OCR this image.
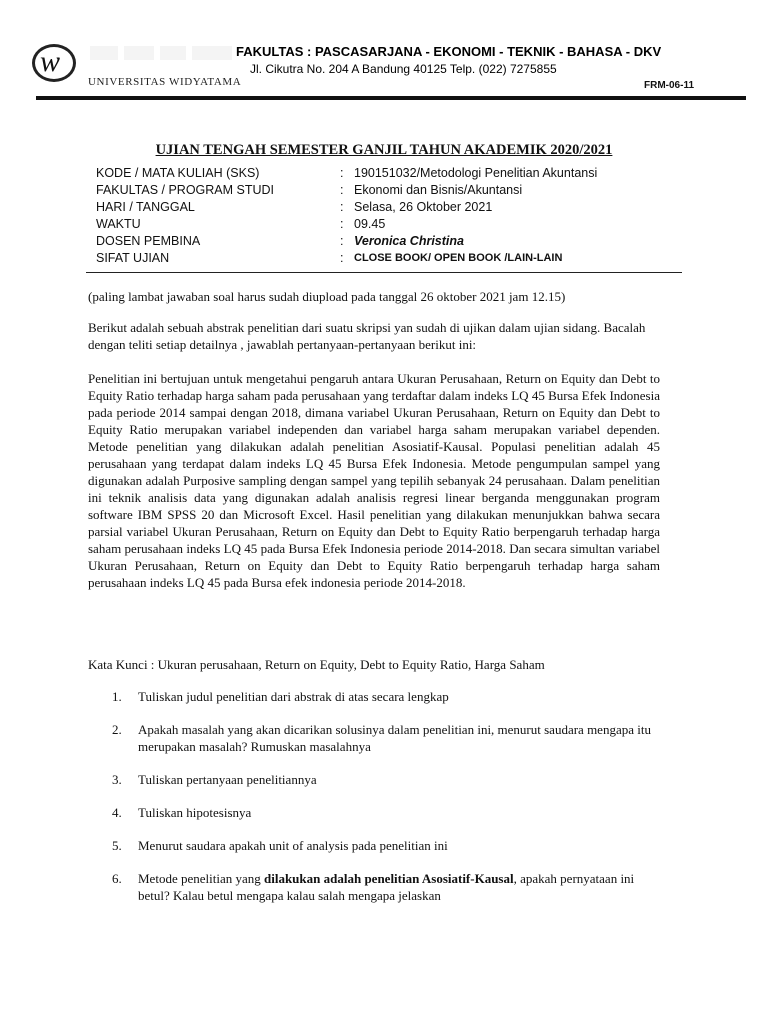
w
UNIVERSITAS WIDYATAMA
FAKULTAS : PASCASARJANA - EKONOMI - TEKNIK - BAHASA - DKV
Jl. Cikutra No. 204 A Bandung 40125 Telp. (022) 7275855
FRM-06-11
UJIAN TENGAH SEMESTER GANJIL TAHUN AKADEMIK 2020/2021
KODE / MATA KULIAH (SKS)	: 190151032/Metodologi Penelitian Akuntansi
FAKULTAS / PROGRAM STUDI	: Ekonomi dan Bisnis/Akuntansi
HARI / TANGGAL	: Selasa, 26 Oktober 2021
WAKTU	: 09.45
DOSEN PEMBINA	: Veronica Christina
SIFAT UJIAN	: CLOSE BOOK/ OPEN BOOK /LAIN-LAIN

(paling lambat jawaban soal harus sudah diupload pada tanggal 26 oktober 2021 jam 12.15)

Berikut adalah sebuah abstrak penelitian dari suatu skripsi yan sudah di ujikan dalam ujian sidang. Bacalah dengan teliti setiap detailnya , jawablah pertanyaan-pertanyaan berikut ini:

Penelitian ini bertujuan untuk mengetahui pengaruh antara Ukuran Perusahaan, Return on Equity dan Debt to Equity Ratio terhadap harga saham pada perusahaan yang terdaftar dalam indeks LQ 45 Bursa Efek Indonesia pada periode 2014 sampai dengan 2018, dimana variabel Ukuran Perusahaan, Return on Equity dan Debt to Equity Ratio merupakan variabel independen dan variabel harga saham merupakan variabel dependen. Metode penelitian yang dilakukan adalah penelitian Asosiatif-Kausal. Populasi penelitian adalah 45 perusahaan yang terdapat dalam indeks LQ 45 Bursa Efek Indonesia. Metode pengumpulan sampel yang digunakan adalah Purposive sampling dengan sampel yang tepilih sebanyak 24 perusahaan. Dalam penelitian ini teknik analisis data yang digunakan adalah analisis regresi linear berganda menggunakan program software IBM SPSS 20 dan Microsoft Excel. Hasil penelitian yang dilakukan menunjukkan bahwa secara parsial variabel Ukuran Perusahaan, Return on Equity dan Debt to Equity Ratio berpengaruh terhadap harga saham perusahaan indeks LQ 45 pada Bursa Efek Indonesia periode 2014-2018. Dan secara simultan variabel Ukuran Perusahaan, Return on Equity dan Debt to Equity Ratio berpengaruh terhadap harga saham perusahaan indeks LQ 45 pada Bursa efek indonesia periode 2014-2018.

Kata Kunci : Ukuran perusahaan, Return on Equity, Debt to Equity Ratio, Harga Saham

1. Tuliskan judul penelitian dari abstrak di atas secara lengkap
2. Apakah masalah yang akan dicarikan solusinya dalam penelitian ini, menurut saudara mengapa itu merupakan masalah? Rumuskan masalahnya
3. Tuliskan pertanyaan penelitiannya
4. Tuliskan hipotesisnya
5. Menurut saudara apakah unit of analysis pada penelitian ini
6. Metode penelitian yang dilakukan adalah penelitian Asosiatif-Kausal, apakah pernyataan ini betul? Kalau betul mengapa kalau salah mengapa jelaskan
